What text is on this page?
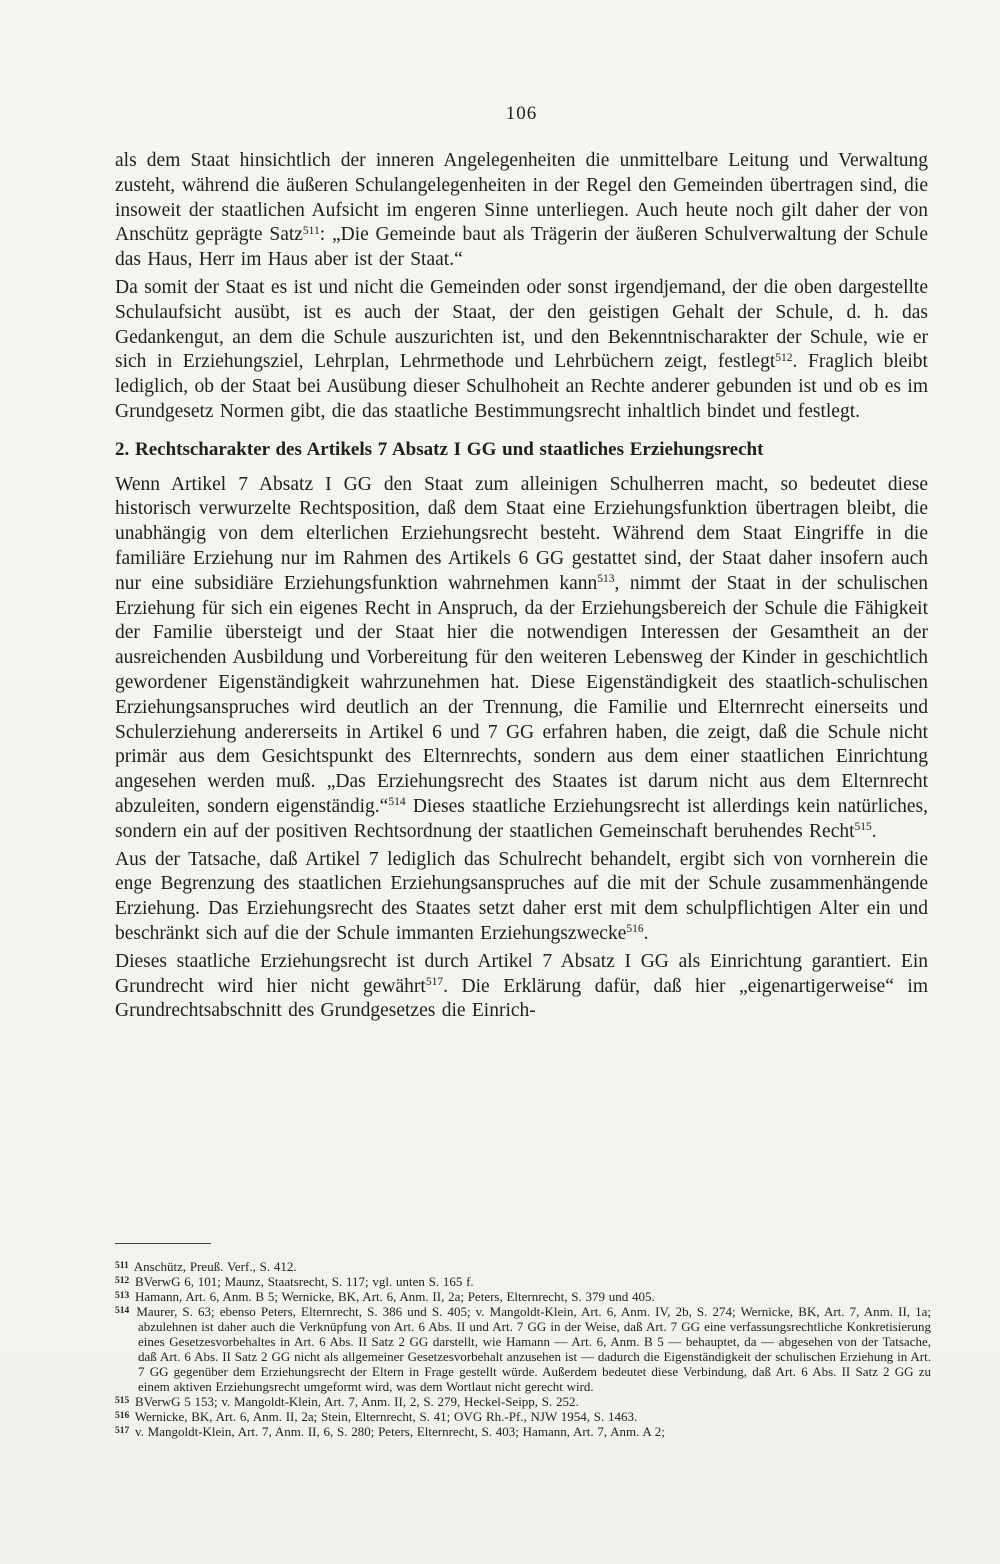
106

als dem Staat hinsichtlich der inneren Angelegenheiten die unmittelbare Leitung und Verwaltung zusteht, während die äußeren Schulangelegenheiten in der Regel den Gemeinden übertragen sind, die insoweit der staatlichen Aufsicht im engeren Sinne unterliegen. Auch heute noch gilt daher der von Anschütz geprägte Satz$^{511}$: „Die Gemeinde baut als Trägerin der äußeren Schulverwaltung der Schule das Haus, Herr im Haus aber ist der Staat.“

Da somit der Staat es ist und nicht die Gemeinden oder sonst irgendjemand, der die oben dargestellte Schulaufsicht ausübt, ist es auch der Staat, der den geistigen Gehalt der Schule, d. h. das Gedankengut, an dem die Schule auszurichten ist, und den Bekenntnischarakter der Schule, wie er sich in Erziehungsziel, Lehrplan, Lehrmethode und Lehrbüchern zeigt, festlegt$^{512}$. Fraglich bleibt lediglich, ob der Staat bei Ausübung dieser Schulhoheit an Rechte anderer gebunden ist und ob es im Grundgesetz Normen gibt, die das staatliche Bestimmungsrecht inhaltlich bindet und festlegt.

2. Rechtscharakter des Artikels 7 Absatz I GG und staatliches Erziehungsrecht

Wenn Artikel 7 Absatz I GG den Staat zum alleinigen Schulherren macht, so bedeutet diese historisch verwurzelte Rechtsposition, daß dem Staat eine Erziehungsfunktion übertragen bleibt, die unabhängig von dem elterlichen Erziehungsrecht besteht. Während dem Staat Eingriffe in die familiäre Erziehung nur im Rahmen des Artikels 6 GG gestattet sind, der Staat daher insofern auch nur eine subsidiäre Erziehungsfunktion wahrnehmen kann$^{513}$, nimmt der Staat in der schulischen Erziehung für sich ein eigenes Recht in Anspruch, da der Erziehungsbereich der Schule die Fähigkeit der Familie übersteigt und der Staat hier die notwendigen Interessen der Gesamtheit an der ausreichenden Ausbildung und Vorbereitung für den weiteren Lebensweg der Kinder in geschichtlich gewordener Eigenständigkeit wahrzunehmen hat. Diese Eigenständigkeit des staatlich-schulischen Erziehungsanspruches wird deutlich an der Trennung, die Familie und Elternrecht einerseits und Schulerziehung andererseits in Artikel 6 und 7 GG erfahren haben, die zeigt, daß die Schule nicht primär aus dem Gesichtspunkt des Elternrechts, sondern aus dem einer staatlichen Einrichtung angesehen werden muß. „Das Erziehungsrecht des Staates ist darum nicht aus dem Elternrecht abzuleiten, sondern eigenständig.“$^{514}$ Dieses staatliche Erziehungsrecht ist allerdings kein natürliches, sondern ein auf der positiven Rechtsordnung der staatlichen Gemeinschaft beruhendes Recht$^{515}$.

Aus der Tatsache, daß Artikel 7 lediglich das Schulrecht behandelt, ergibt sich von vornherein die enge Begrenzung des staatlichen Erziehungsanspruches auf die mit der Schule zusammenhängende Erziehung. Das Erziehungsrecht des Staates setzt daher erst mit dem schulpflichtigen Alter ein und beschränkt sich auf die der Schule immanten Erziehungszwecke$^{516}$.

Dieses staatliche Erziehungsrecht ist durch Artikel 7 Absatz I GG als Einrichtung garantiert. Ein Grundrecht wird hier nicht gewährt$^{517}$. Die Erklärung dafür, daß hier „eigenartigerweise“ im Grundrechtsabschnitt des Grundgesetzes die Einrich-

$^{511}$ Anschütz, Preuß. Verf., S. 412.
$^{512}$ BVerwG 6, 101; Maunz, Staatsrecht, S. 117; vgl. unten S. 165 f.
$^{513}$ Hamann, Art. 6, Anm. B 5; Wernicke, BK, Art. 6, Anm. II, 2a; Peters, Elternrecht, S. 379 und 405.
$^{514}$ Maurer, S. 63; ebenso Peters, Elternrecht, S. 386 und S. 405; v. Mangoldt-Klein, Art. 6, Anm. IV, 2b, S. 274; Wernicke, BK, Art. 7, Anm. II, 1a; abzulehnen ist daher auch die Verknüpfung von Art. 6 Abs. II und Art. 7 GG in der Weise, daß Art. 7 GG eine verfassungsrechtliche Konkretisierung eines Gesetzesvorbehaltes in Art. 6 Abs. II Satz 2 GG darstellt, wie Hamann — Art. 6, Anm. B 5 — behauptet, da — abgesehen von der Tatsache, daß Art. 6 Abs. II Satz 2 GG nicht als allgemeiner Gesetzesvorbehalt anzusehen ist — dadurch die Eigenständigkeit der schulischen Erziehung in Art. 7 GG gegenüber dem Erziehungsrecht der Eltern in Frage gestellt würde. Außerdem bedeutet diese Verbindung, daß Art. 6 Abs. II Satz 2 GG zu einem aktiven Erziehungsrecht umgeformt wird, was dem Wortlaut nicht gerecht wird.
$^{515}$ BVerwG 5 153; v. Mangoldt-Klein, Art. 7, Anm. II, 2, S. 279, Heckel-Seipp, S. 252.
$^{516}$ Wernicke, BK, Art. 6, Anm. II, 2a; Stein, Elternrecht, S. 41; OVG Rh.-Pf., NJW 1954, S. 1463.
$^{517}$ v. Mangoldt-Klein, Art. 7, Anm. II, 6, S. 280; Peters, Elternrecht, S. 403; Hamann, Art. 7, Anm. A 2;
